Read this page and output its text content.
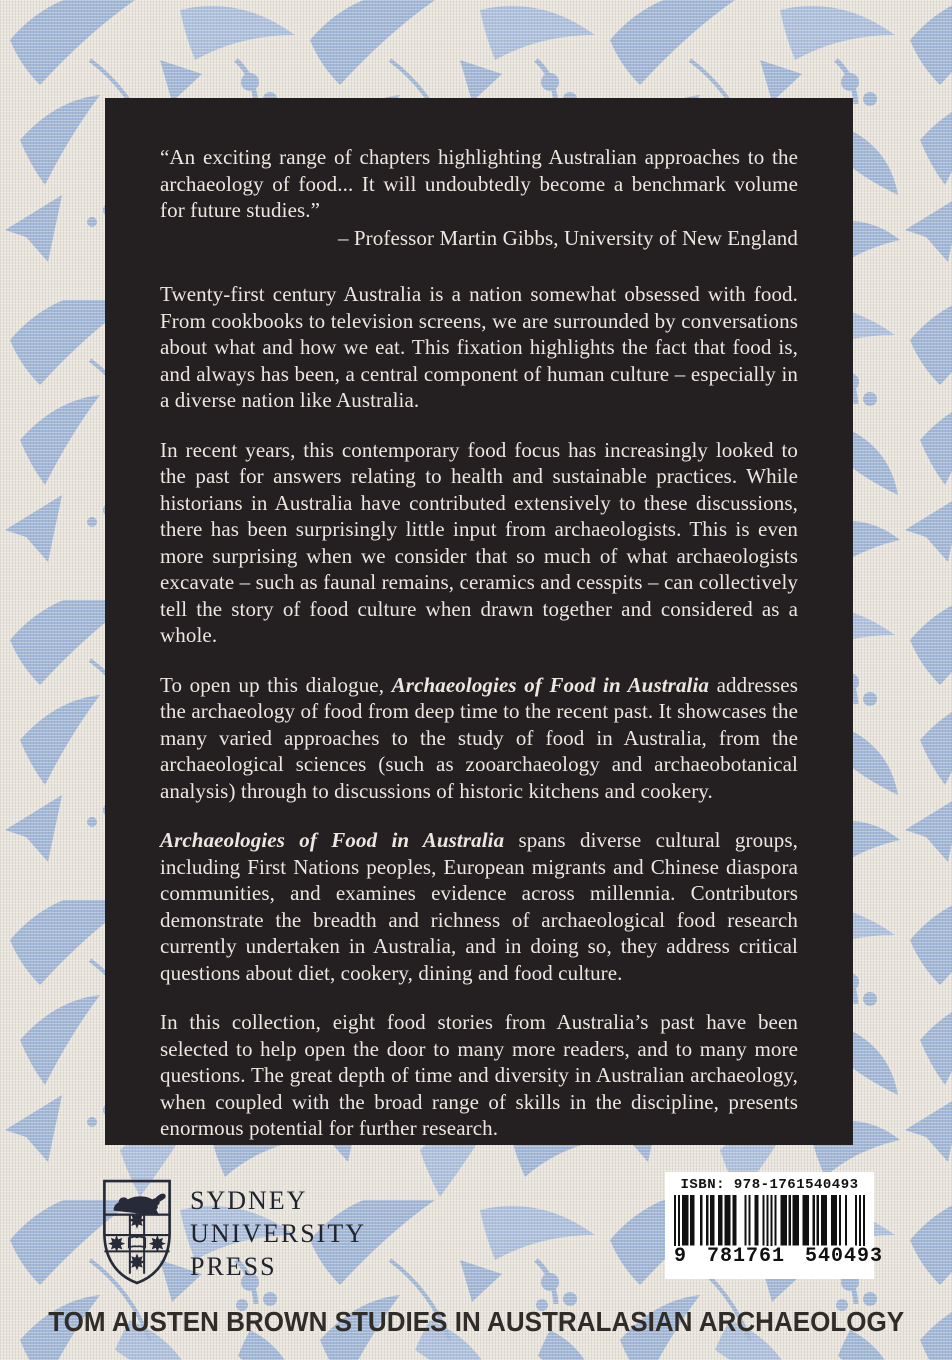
“An exciting range of chapters highlighting Australian approaches to the archaeology of food... It will undoubtedly become a benchmark volume for future studies.”

– Professor Martin Gibbs, University of New England

Twenty-first century Australia is a nation somewhat obsessed with food. From cookbooks to television screens, we are surrounded by conversations about what and how we eat. This fixation highlights the fact that food is, and always has been, a central component of human culture – especially in a diverse nation like Australia.

In recent years, this contemporary food focus has increasingly looked to the past for answers relating to health and sustainable practices. While historians in Australia have contributed extensively to these discussions, there has been surprisingly little input from archaeologists. This is even more surprising when we consider that so much of what archaeologists excavate – such as faunal remains, ceramics and cesspits – can collectively tell the story of food culture when drawn together and considered as a whole.

To open up this dialogue, Archaeologies of Food in Australia addresses the archaeology of food from deep time to the recent past. It showcases the many varied approaches to the study of food in Australia, from the archaeological sciences (such as zooarchaeology and archaeobotanical analysis) through to discussions of historic kitchens and cookery.

Archaeologies of Food in Australia spans diverse cultural groups, including First Nations peoples, European migrants and Chinese diaspora communities, and examines evidence across millennia. Contributors demonstrate the breadth and richness of archaeological food research currently undertaken in Australia, and in doing so, they address critical questions about diet, cookery, dining and food culture.

In this collection, eight food stories from Australia’s past have been selected to help open the door to many more readers, and to many more questions. The great depth of time and diversity in Australian archaeology, when coupled with the broad range of skills in the discipline, presents enormous potential for further research.

SYDNEY
UNIVERSITY
PRESS
ISBN: 978-1761540493
9 781761 540493
TOM AUSTEN BROWN STUDIES IN AUSTRALASIAN ARCHAEOLOGY
